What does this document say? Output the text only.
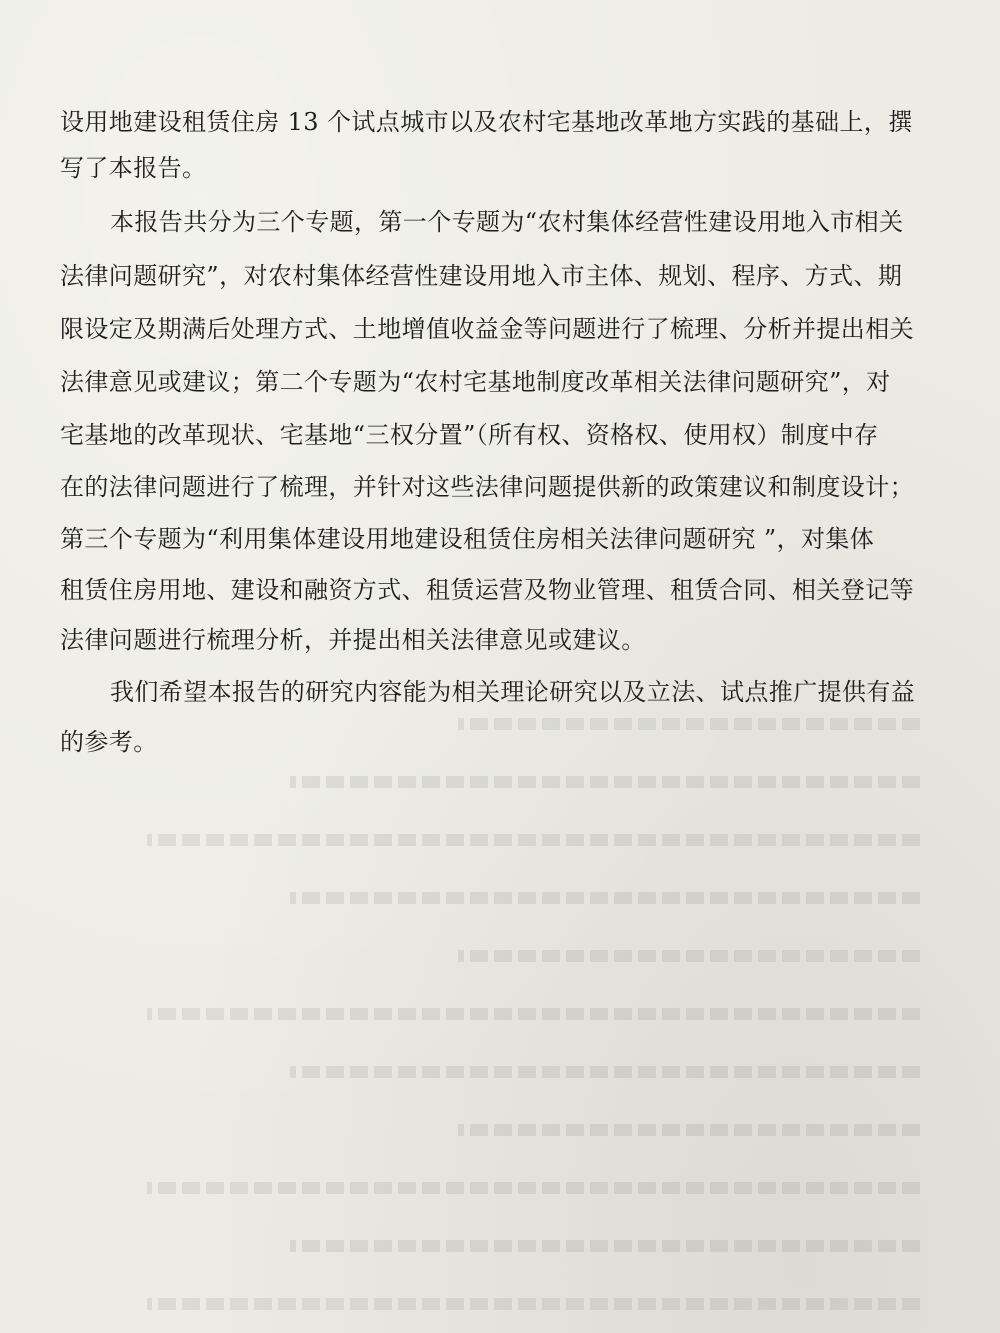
设用地建设租赁住房 13 个试点城市以及农村宅基地改革地方实践的基础上，撰
写了本报告。
本报告共分为三个专题，第一个专题为“农村集体经营性建设用地入市相关
法律问题研究”，对农村集体经营性建设用地入市主体、规划、程序、方式、期
限设定及期满后处理方式、土地增值收益金等问题进行了梳理、分析并提出相关
法律意见或建议；第二个专题为“农村宅基地制度改革相关法律问题研究”，对
宅基地的改革现状、宅基地“三权分置”（所有权、资格权、使用权）制度中存
在的法律问题进行了梳理，并针对这些法律问题提供新的政策建议和制度设计；
第三个专题为“利用集体建设用地建设租赁住房相关法律问题研究 ”，对集体
租赁住房用地、建设和融资方式、租赁运营及物业管理、租赁合同、相关登记等
法律问题进行梳理分析，并提出相关法律意见或建议。
我们希望本报告的研究内容能为相关理论研究以及立法、试点推广提供有益
的参考。
